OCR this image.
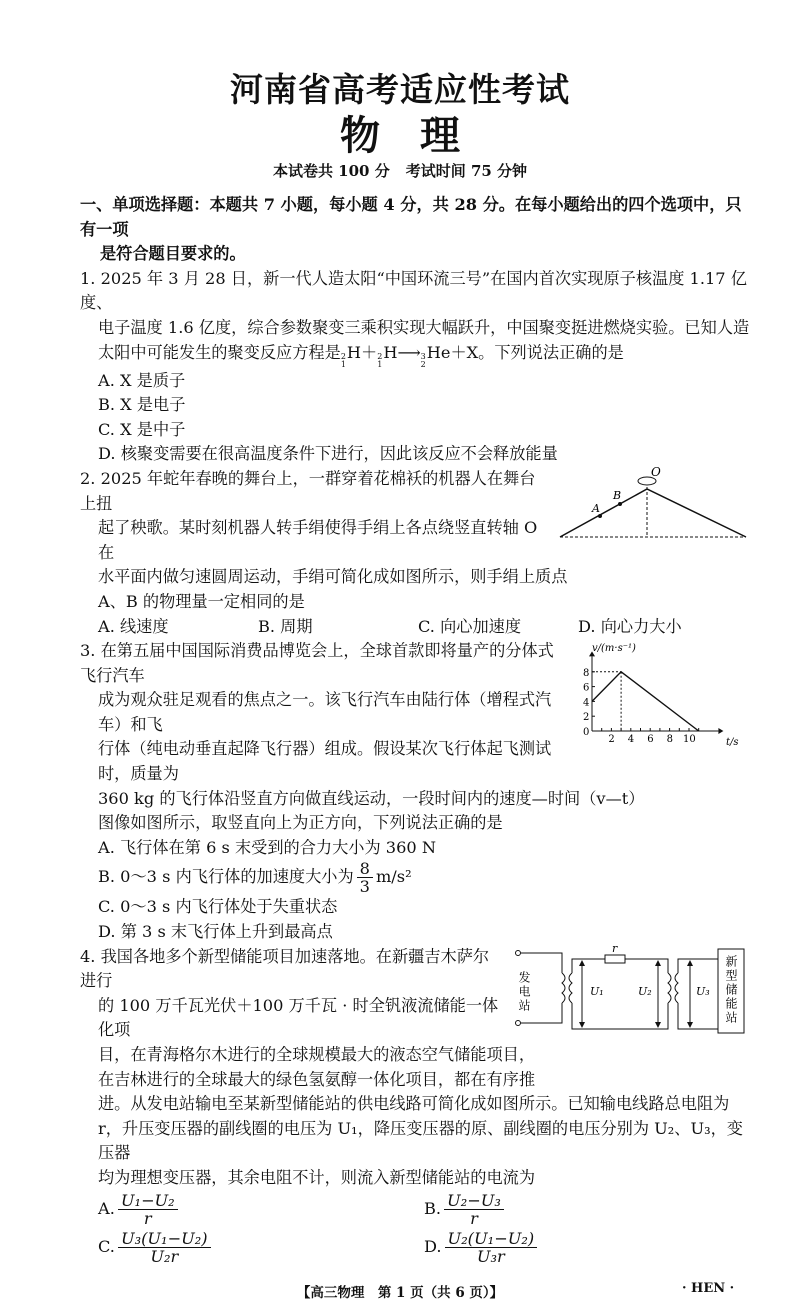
河南省高考适应性考试
物理
本试卷共 100 分 考试时间 75 分钟
一、单项选择题：本题共 7 小题，每小题 4 分，共 28 分。在每小题给出的四个选项中，只有一项
是符合题目要求的。
1. 2025 年 3 月 28 日，新一代人造太阳“中国环流三号”在国内首次实现原子核温度 1.17 亿度、
电子温度 1.6 亿度，综合参数聚变三乘积实现大幅跃升，中国聚变挺进燃烧实验。已知人造
太阳中可能发生的聚变反应方程是 2
1
H＋ 2
1
H⟶ 3
2
He＋X。下列说法正确的是
A. X 是质子
B. X 是电子
C. X 是中子
D. 核聚变需要在很高温度条件下进行，因此该反应不会释放能量
O
A
B
2. 2025 年蛇年春晚的舞台上，一群穿着花棉袄的机器人在舞台上扭
起了秧歌。某时刻机器人转手绢使得手绢上各点绕竖直转轴 O 在
水平面内做匀速圆周运动，手绢可简化成如图所示，则手绢上质点
A、B 的物理量一定相同的是
A. 线速度	B. 周期	C. 向心加速度	D. 向心力大小
v/(m·s⁻¹)
t/s
2 4 6 8 10
0
2
4
6
8
3. 在第五届中国国际消费品博览会上，全球首款即将量产的分体式飞行汽车
成为观众驻足观看的焦点之一。该飞行汽车由陆行体（增程式汽车）和飞
行体（纯电动垂直起降飞行器）组成。假设某次飞行体起飞测试时，质量为
360 kg 的飞行体沿竖直方向做直线运动，一段时间内的速度—时间（v—t）
图像如图所示，取竖直向上为正方向，下列说法正确的是
A. 飞行体在第 6 s 末受到的合力大小为 360 N
B. 0～3 s 内飞行体的加速度大小为 $\frac{8}{3} m/s^2$
C. 0～3 s 内飞行体处于失重状态
D. 第 3 s 末飞行体上升到最高点
r
U₁	U₂	U₃
发电站	新型储能站
4. 我国各地多个新型储能项目加速落地。在新疆吉木萨尔进行
的 100 万千瓦光伏＋100 万千瓦 · 时全钒液流储能一体化项
目，在青海格尔木进行的全球规模最大的液态空气储能项目，
在吉林进行的全球最大的绿色氢氨醇一体化项目，都在有序推
进。从发电站输电至某新型储能站的供电线路可简化成如图所示。已知输电线路总电阻为
r，升压变压器的副线圈的电压为 U₁，降压变压器的原、副线圈的电压分别为 U₂、U₃，变压器
均为理想变压器，其余电阻不计，则流入新型储能站的电流为
A. $\frac{\text{U₁−U₂}}{r}$	B. $\frac{\text{U₂−U₃}}{r}$
C. $\frac{\text{U₃(U₁−U₂)}}{\text{U₂r}}$	D. $\frac{\text{U₂(U₁−U₂)}}{\text{U₃r}}$
【高三物理　第 1 页（共 6 页）】	· HEN ·
